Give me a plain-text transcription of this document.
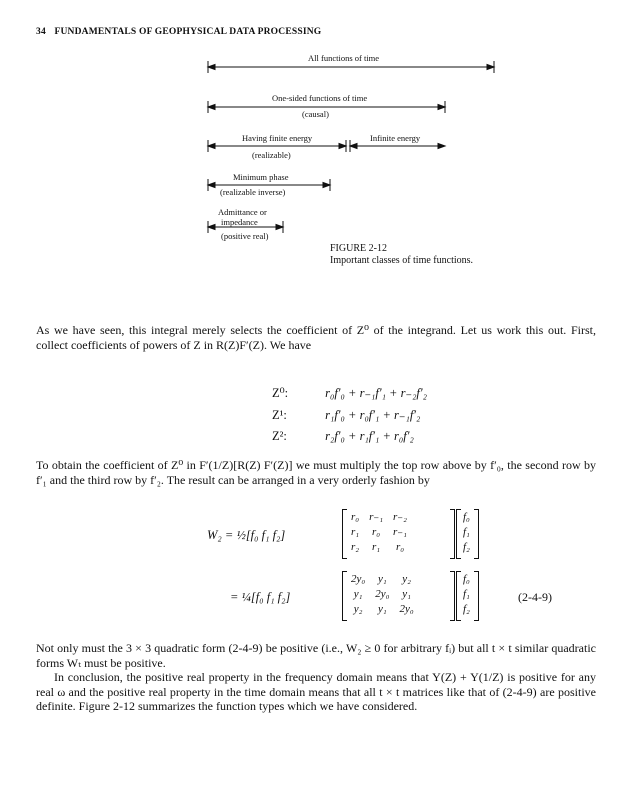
34 FUNDAMENTALS OF GEOPHYSICAL DATA PROCESSING
All functions of time
One-sided functions of time
(causal)
Having finite energy
(realizable)
Infinite energy
Minimum phase
(realizable inverse)
Admittance or
impedance
(positive real)
FIGURE 2-12
Important classes of time functions.

As we have seen, this integral merely selects the coefficient of Z⁰ of the integrand. Let us work this out. First, collect coefficients of powers of Z in R(Z)F′(Z). We have

Z⁰:	r₀f′₀ + r₋₁f′₁ + r₋₂f′₂
Z¹:	r₁f′₀ + r₀f′₁ + r₋₁f′₂
Z²:	r₂f′₀ + r₁f′₁ + r₀f′₂

To obtain the coefficient of Z⁰ in F′(1/Z)[R(Z) F′(Z)] we must multiply the top row above by f′₀, the second row by f′₁ and the third row by f′₂. The result can be arranged in a very orderly fashion by

W₂ = ½[f₀ f₁ f₂]
r₀	r₋₁	r₋₂
r₁	r₀	r₋₁
r₂	r₁	r₀
f₀
f₁
f₂
= ¼[f₀ f₁ f₂]
2y₀	y₁	y₂
y₁	2y₀	y₁
y₂	y₁	2y₀
f₀
f₁
f₂
(2-4-9)

Not only must the 3 × 3 quadratic form (2-4-9) be positive (i.e., W₂ ≥ 0 for arbitrary fᵢ) but all t × t similar quadratic forms Wₜ must be positive.

In conclusion, the positive real property in the frequency domain means that Y(Z) + Y(1/Z) is positive for any real ω and the positive real property in the time domain means that all t × t matrices like that of (2-4-9) are positive definite. Figure 2-12 summarizes the function types which we have considered.
